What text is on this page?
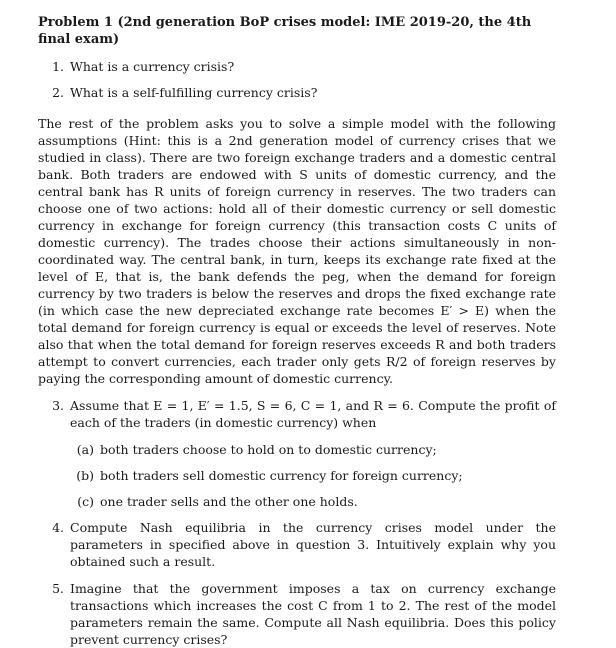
Problem 1 (2nd generation BoP crises model: IME 2019-20, the 4th final exam)
1. What is a currency crisis?
2. What is a self-fulfilling currency crisis?

The rest of the problem asks you to solve a simple model with the following assumptions (Hint: this is a 2nd generation model of currency crises that we studied in class). There are two foreign exchange traders and a domestic central bank. Both traders are endowed with S units of domestic currency, and the central bank has R units of foreign currency in reserves. The two traders can choose one of two actions: hold all of their domestic currency or sell domestic currency in exchange for foreign currency (this transaction costs C units of domestic currency). The trades choose their actions simultaneously in non-coordinated way. The central bank, in turn, keeps its exchange rate fixed at the level of E, that is, the bank defends the peg, when the demand for foreign currency by two traders is below the reserves and drops the fixed exchange rate (in which case the new depreciated exchange rate becomes E′ > E) when the total demand for foreign currency is equal or exceeds the level of reserves. Note also that when the total demand for foreign reserves exceeds R and both traders attempt to convert currencies, each trader only gets R/2 of foreign reserves by paying the corresponding amount of domestic currency.

3. Assume that E = 1, E′ = 1.5, S = 6, C = 1, and R = 6. Compute the profit of each of the traders (in domestic currency) when
(a) both traders choose to hold on to domestic currency;
(b) both traders sell domestic currency for foreign currency;
(c) one trader sells and the other one holds.
4. Compute Nash equilibria in the currency crises model under the parameters in specified above in question 3. Intuitively explain why you obtained such a result.
5. Imagine that the government imposes a tax on currency exchange transactions which increases the cost C from 1 to 2. The rest of the model parameters remain the same. Compute all Nash equilibria. Does this policy prevent currency crises?
